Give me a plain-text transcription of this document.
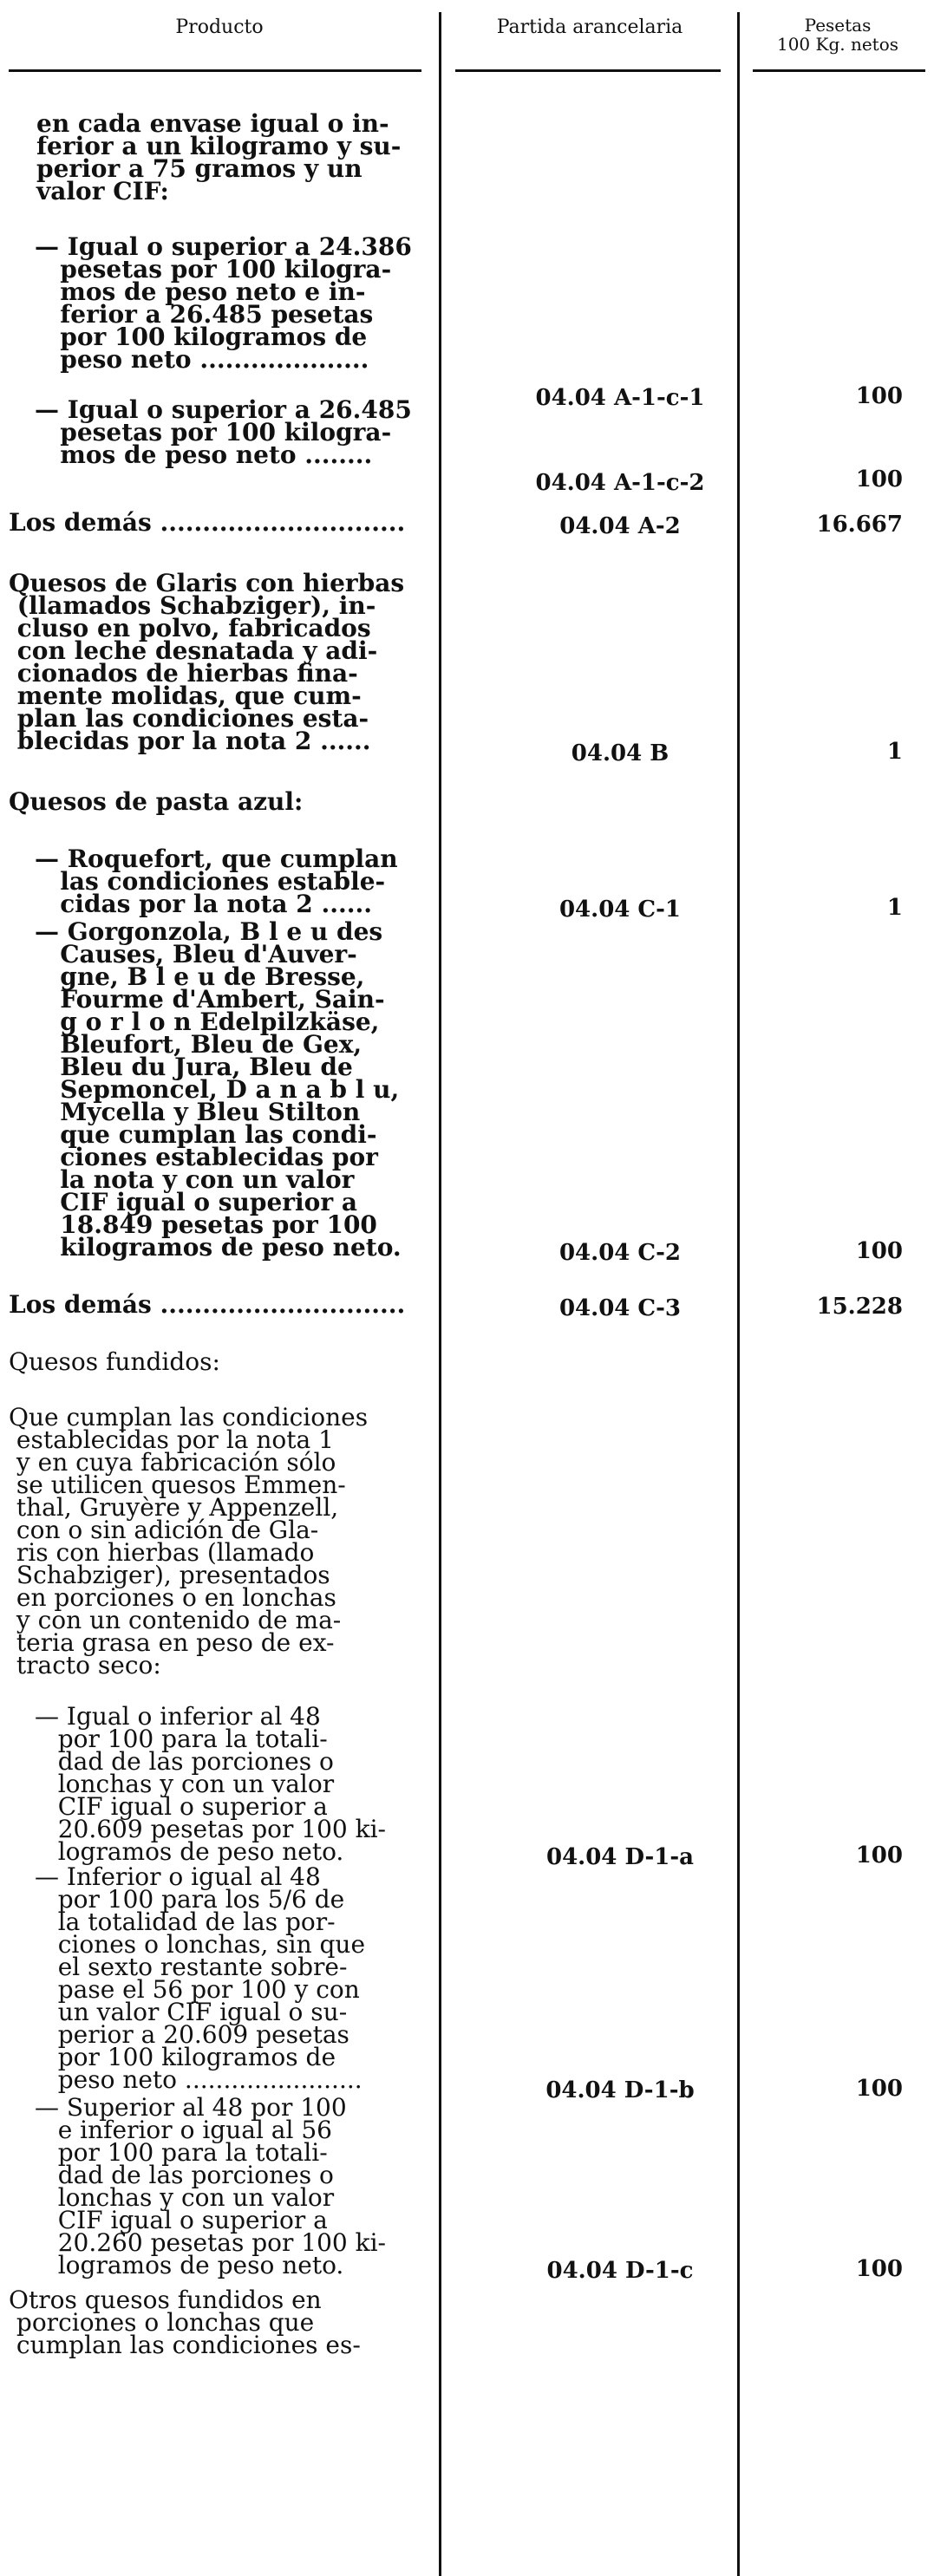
Producto	Partida arancelaria	Pesetas
100 Kg. netos
en cada envase igual o in-
ferior a un kilogramo y su-
perior a 75 gramos y un
valor CIF:
— Igual o superior a 24.386
pesetas por 100 kilogra-
mos de peso neto e in-
ferior a 26.485 pesetas
por 100 kilogramos de
peso neto ....................
04.04 A-1-c-1	100
— Igual o superior a 26.485
pesetas por 100 kilogra-
mos de peso neto ........
04.04 A-1-c-2	100
Los demás .............................	04.04 A-2	16.667
Quesos de Glaris con hierbas
(llamados Schabziger), in-
cluso en polvo, fabricados
con leche desnatada y adi-
cionados de hierbas fina-
mente molidas, que cum-
plan las condiciones esta-
blecidas por la nota 2 ......	04.04 B	1
Quesos de pasta azul:
— Roquefort, que cumplan
las condiciones estable-
cidas por la nota 2 ......	04.04 C-1	1
— Gorgonzola, B l e u des
Causes, Bleu d'Auver-
gne, B l e u de Bresse,
Fourme d'Ambert, Sain-
g o r l o n Edelpilzkäse,
Bleufort, Bleu de Gex,
Bleu du Jura, Bleu de
Sepmoncel, D a n a b l u,
Mycella y Bleu Stilton
que cumplan las condi-
ciones establecidas por
la nota y con un valor
CIF igual o superior a
18.849 pesetas por 100
kilogramos de peso neto.	04.04 C-2	100
Los demás .............................	04.04 C-3	15.228
Quesos fundidos:
Que cumplan las condiciones
establecidas por la nota 1
y en cuya fabricación sólo
se utilicen quesos Emmen-
thal, Gruyère y Appenzell,
con o sin adición de Gla-
ris con hierbas (llamado
Schabziger), presentados
en porciones o en lonchas
y con un contenido de ma-
teria grasa en peso de ex-
tracto seco:
— Igual o inferior al 48
por 100 para la totali-
dad de las porciones o
lonchas y con un valor
CIF igual o superior a
20.609 pesetas por 100 ki-
logramos de peso neto.	04.04 D-1-a	100
— Inferior o igual al 48
por 100 para los 5/6 de
la totalidad de las por-
ciones o lonchas, sin que
el sexto restante sobre-
pase el 56 por 100 y con
un valor CIF igual o su-
perior a 20.609 pesetas
por 100 kilogramos de
peso neto .......................	04.04 D-1-b	100
— Superior al 48 por 100
e inferior o igual al 56
por 100 para la totali-
dad de las porciones o
lonchas y con un valor
CIF igual o superior a
20.260 pesetas por 100 ki-
logramos de peso neto.	04.04 D-1-c	100
Otros quesos fundidos en
porciones o lonchas que
cumplan las condiciones es-
